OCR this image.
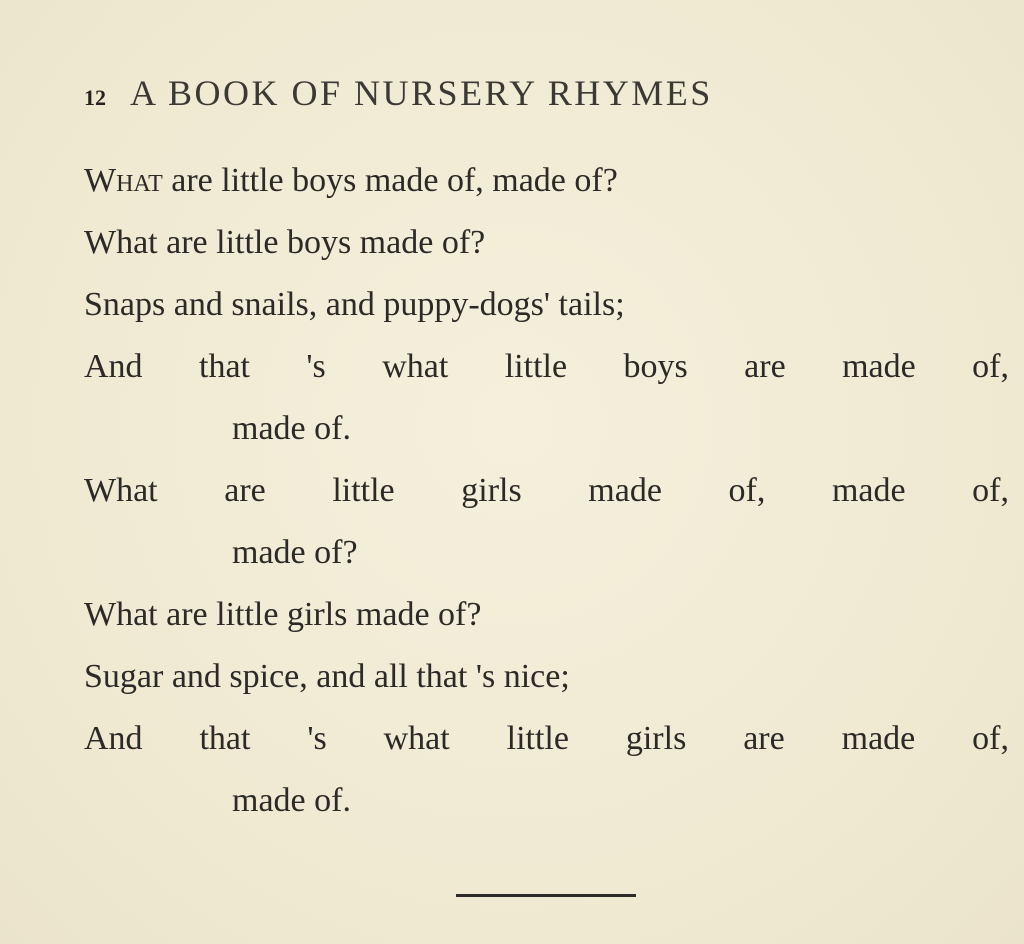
12 A BOOK OF NURSERY RHYMES
What are little boys made of, made of?
What are little boys made of?
Snaps and snails, and puppy-dogs' tails;
And that 's what little boys are made of,
made of.
What are little girls made of, made of,
made of?
What are little girls made of?
Sugar and spice, and all that 's nice;
And that 's what little girls are made of,
made of.
